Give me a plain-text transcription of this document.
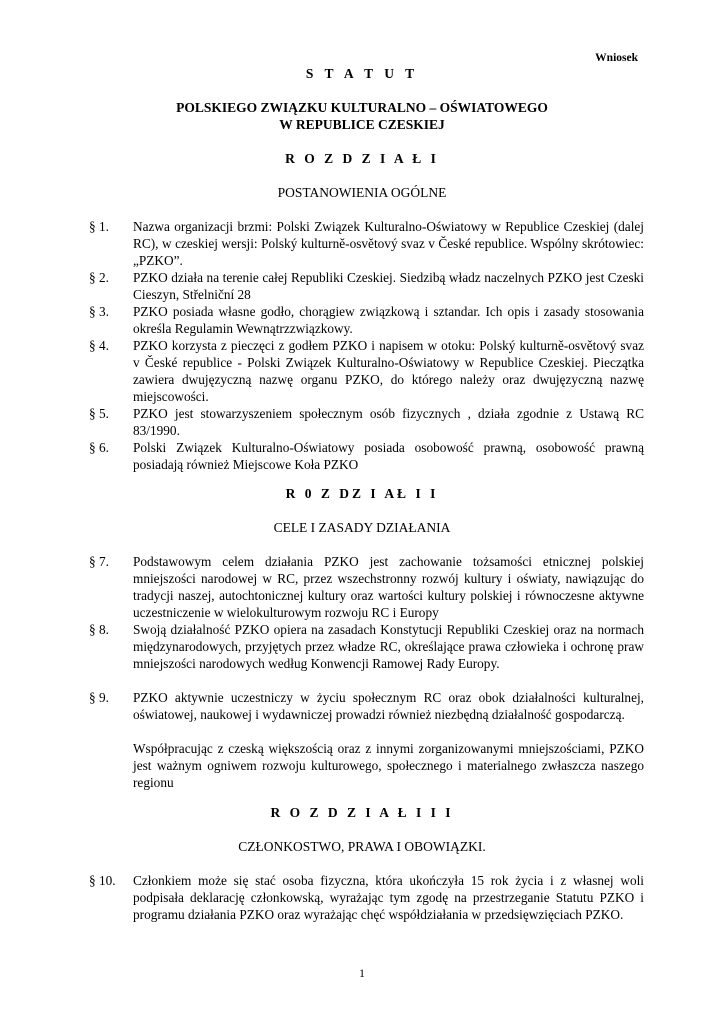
Wniosek
S T A T U T
POLSKIEGO ZWIĄZKU KULTURALNO – OŚWIATOWEGO
W REPUBLICE CZESKIEJ
R O Z D Z I A Ł I
POSTANOWIENIA OGÓLNE
§ 1.	Nazwa organizacji brzmi: Polski Związek Kulturalno-Oświatowy w Republice Czeskiej (dalej RC), w czeskiej wersji: Polský kulturně-osvětový svaz v České republice. Wspólny skrótowiec: „PZKO”.
§ 2.	PZKO działa na terenie całej Republiki Czeskiej. Siedzibą władz naczelnych PZKO jest Czeski Cieszyn, Střelniční 28
§ 3.	PZKO posiada własne godło, chorągiew związkową i sztandar. Ich opis i zasady stosowania określa Regulamin Wewnątrzzwiązkowy.
§ 4.	PZKO korzysta z pieczęci z godłem PZKO i napisem w otoku: Polský kulturně-osvětový svaz v České republice - Polski Związek Kulturalno-Oświatowy w Republice Czeskiej. Pieczątka zawiera dwujęzyczną nazwę organu PZKO, do którego należy oraz dwujęzyczną nazwę miejscowości.
§ 5.	PZKO jest stowarzyszeniem społecznym osób fizycznych , działa zgodnie z Ustawą RC 83/1990.
§ 6.	Polski Związek Kulturalno-Oświatowy posiada osobowość prawną, osobowość prawną posiadają również Miejscowe Koła PZKO
R 0 Z DZ I AŁ I I
CELE I ZASADY DZIAŁANIA
§ 7.	Podstawowym celem działania PZKO jest zachowanie tożsamości etnicznej polskiej mniejszości narodowej w RC, przez wszechstronny rozwój kultury i oświaty, nawiązując do tradycji naszej, autochtonicznej kultury oraz wartości kultury polskiej i równoczesne aktywne uczestniczenie w wielokulturowym rozwoju RC i Europy
§ 8.	Swoją działalność PZKO opiera na zasadach Konstytucji Republiki Czeskiej oraz na normach międzynarodowych, przyjętych przez władze RC, określające prawa człowieka i ochronę praw mniejszości narodowych według Konwencji Ramowej Rady Europy.
§ 9.	PZKO aktywnie uczestniczy w życiu społecznym RC oraz obok działalności kulturalnej, oświatowej, naukowej i wydawniczej prowadzi również niezbędną działalność gospodarczą.
Współpracując z czeską większością oraz z innymi zorganizowanymi mniejszościami, PZKO jest ważnym ogniwem rozwoju kulturowego, społecznego i materialnego zwłaszcza naszego regionu
R O Z D Z I A Ł I I I
CZŁONKOSTWO, PRAWA I OBOWIĄZKI.
§ 10.	Członkiem może się stać osoba fizyczna, która ukończyła 15 rok życia i z własnej woli podpisała deklarację członkowską, wyrażając tym zgodę na przestrzeganie Statutu PZKO i programu działania PZKO oraz wyrażając chęć współdziałania w przedsięwzięciach PZKO.
1
